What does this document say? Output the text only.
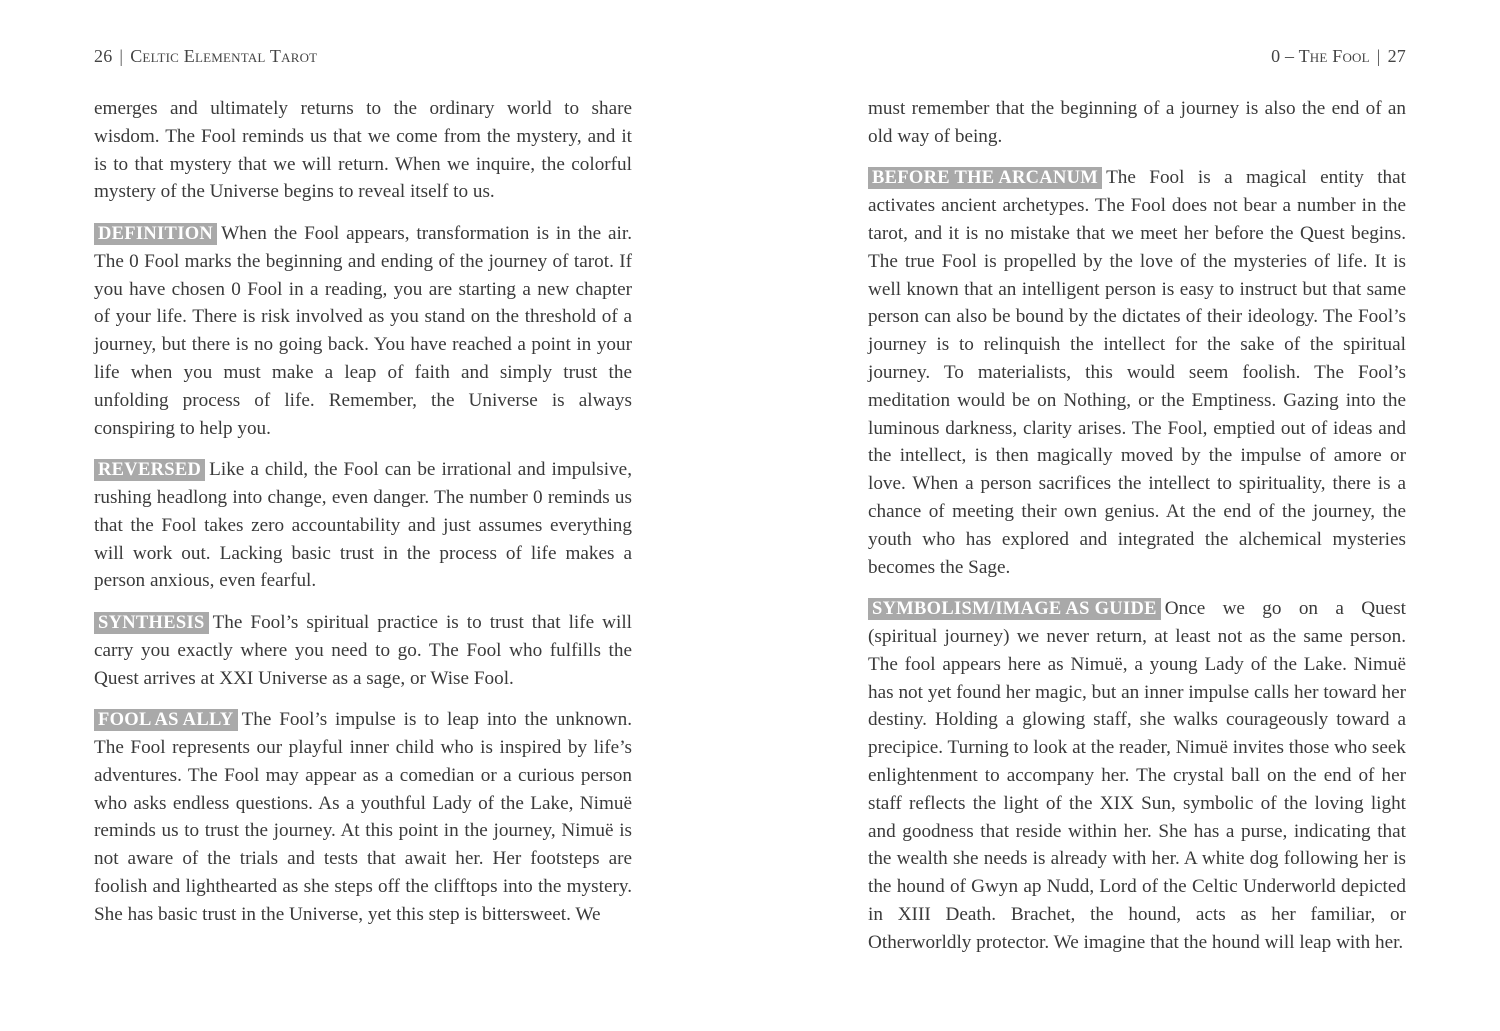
26 | Celtic Elemental Tarot

emerges and ultimately returns to the ordinary world to share wisdom. The Fool reminds us that we come from the mystery, and it is to that mystery that we will return. When we inquire, the colorful mystery of the Universe begins to reveal itself to us.

DEFINITION When the Fool appears, transformation is in the air. The 0 Fool marks the beginning and ending of the journey of tarot. If you have chosen 0 Fool in a reading, you are starting a new chapter of your life. There is risk involved as you stand on the threshold of a journey, but there is no going back. You have reached a point in your life when you must make a leap of faith and simply trust the unfolding process of life. Remember, the Universe is always conspiring to help you.

REVERSED Like a child, the Fool can be irrational and impulsive, rushing headlong into change, even danger. The number 0 reminds us that the Fool takes zero accountability and just assumes everything will work out. Lacking basic trust in the process of life makes a person anxious, even fearful.

SYNTHESIS The Fool’s spiritual practice is to trust that life will carry you exactly where you need to go. The Fool who fulfills the Quest arrives at XXI Universe as a sage, or Wise Fool.

FOOL AS ALLY The Fool’s impulse is to leap into the unknown. The Fool represents our playful inner child who is inspired by life’s adventures. The Fool may appear as a comedian or a curious person who asks endless questions. As a youthful Lady of the Lake, Nimuë reminds us to trust the journey. At this point in the journey, Nimuë is not aware of the trials and tests that await her. Her footsteps are foolish and lighthearted as she steps off the clifftops into the mystery. She has basic trust in the Universe, yet this step is bittersweet. We

0 – The Fool | 27

must remember that the beginning of a journey is also the end of an old way of being.

BEFORE THE ARCANUM The Fool is a magical entity that activates ancient archetypes. The Fool does not bear a number in the tarot, and it is no mistake that we meet her before the Quest begins. The true Fool is propelled by the love of the mysteries of life. It is well known that an intelligent person is easy to instruct but that same person can also be bound by the dictates of their ideology. The Fool’s journey is to relinquish the intellect for the sake of the spiritual journey. To materialists, this would seem foolish. The Fool’s meditation would be on Nothing, or the Emptiness. Gazing into the luminous darkness, clarity arises. The Fool, emptied out of ideas and the intellect, is then magically moved by the impulse of amore or love. When a person sacrifices the intellect to spirituality, there is a chance of meeting their own genius. At the end of the journey, the youth who has explored and integrated the alchemical mysteries becomes the Sage.

SYMBOLISM/IMAGE AS GUIDE Once we go on a Quest (spiritual journey) we never return, at least not as the same person. The fool appears here as Nimuë, a young Lady of the Lake. Nimuë has not yet found her magic, but an inner impulse calls her toward her destiny. Holding a glowing staff, she walks courageously toward a precipice. Turning to look at the reader, Nimuë invites those who seek enlightenment to accompany her. The crystal ball on the end of her staff reflects the light of the XIX Sun, symbolic of the loving light and goodness that reside within her. She has a purse, indicating that the wealth she needs is already with her. A white dog following her is the hound of Gwyn ap Nudd, Lord of the Celtic Underworld depicted in XIII Death. Brachet, the hound, acts as her familiar, or Otherworldly protector. We imagine that the hound will leap with her.
